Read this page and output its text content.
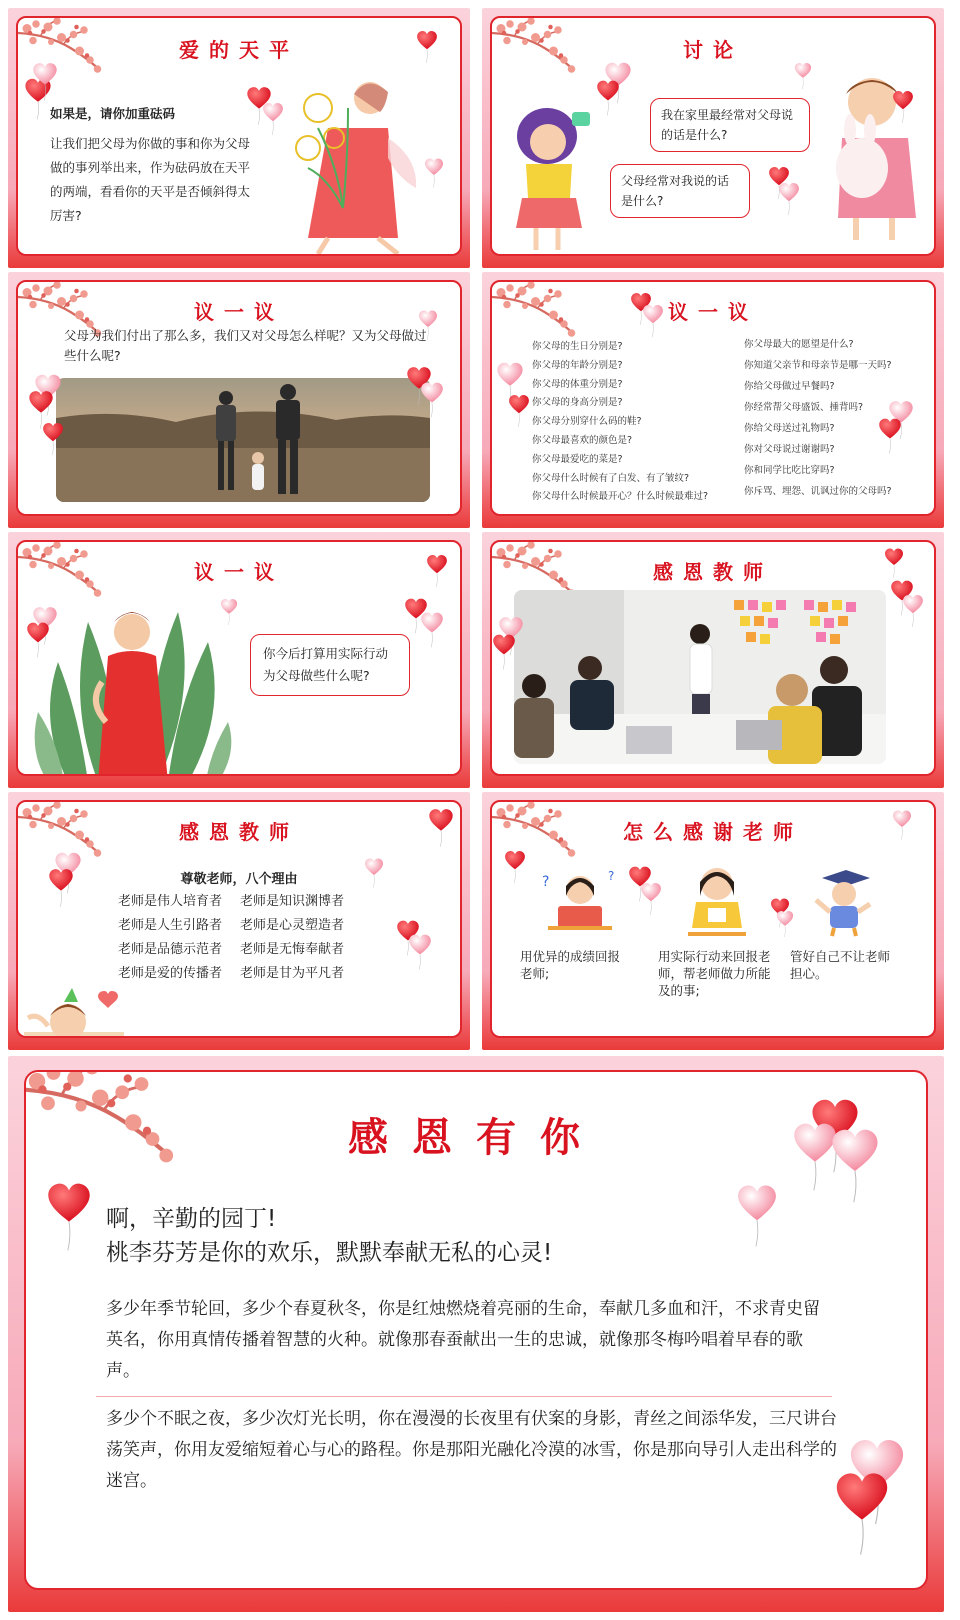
爱的天平
如果是，请你加重砝码
让我们把父母为你做的事和你为父母做的事列举出来，作为砝码放在天平的两端，看看你的天平是否倾斜得太厉害?
讨论
我在家里最经常对父母说的话是什么?
父母经常对我说的话是什么?
议一议
父母为我们付出了那么多，我们又对父母怎么样呢？又为父母做过些什么呢?
议一议
你父母的生日分别是?
你父母的年龄分别是?
你父母的体重分别是?
你父母的身高分别是?
你父母分别穿什么码的鞋?
你父母最喜欢的颜色是?
你父母最爱吃的菜是?
你父母什么时候有了白发、有了皱纹?
你父母什么时候最开心？什么时候最难过?
你父母最大的愿望是什么?
你知道父亲节和母亲节是哪一天吗?
你给父母做过早餐吗?
你经常帮父母盛饭、捶背吗?
你给父母送过礼物吗?
你对父母说过谢谢吗?
你和同学比吃比穿吗?
你斥骂、埋怨、讥讽过你的父母吗?
议一议
你今后打算用实际行动为父母做些什么呢?
感恩教师
感恩教师
尊敬老师，八个理由
老师是伟人培育者 老师是知识渊博者
老师是人生引路者 老师是心灵塑造者
老师是品德示范者 老师是无悔奉献者
老师是爱的传播者 老师是甘为平凡者
怎么感谢老师
?	?
用优异的成绩回报老师;
用实际行动来回报老师，帮老师做力所能及的事;
管好自己不让老师担心。
感恩有你
啊，辛勤的园丁!
桃李芬芳是你的欢乐，默默奉献无私的心灵!
多少年季节轮回，多少个春夏秋冬，你是红烛燃烧着亮丽的生命，奉献几多血和汗，不求青史留英名，你用真情传播着智慧的火种。就像那春蚕献出一生的忠诚，就像那冬梅吟唱着早春的歌声。
多少个不眠之夜，多少次灯光长明，你在漫漫的长夜里有伏案的身影，青丝之间添华发，三尺讲台荡笑声，你用友爱缩短着心与心的路程。你是那阳光融化冷漠的冰雪，你是那向导引人走出科学的迷宫。
